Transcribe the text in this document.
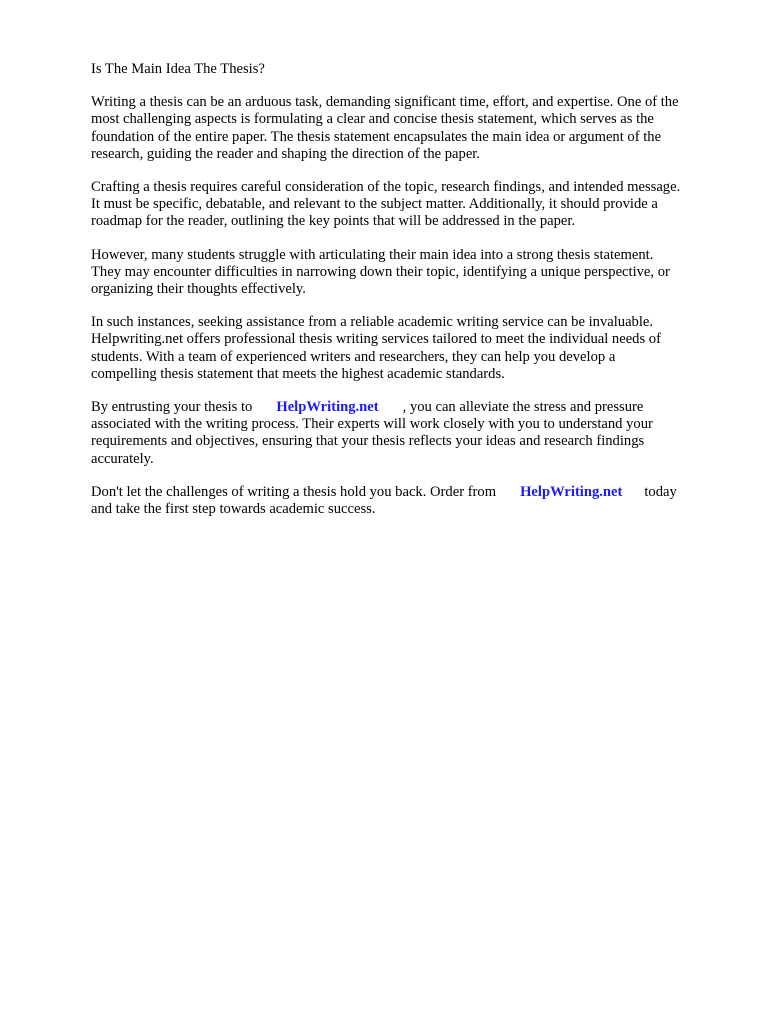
Is The Main Idea The Thesis?
Writing a thesis can be an arduous task, demanding significant time, effort, and expertise. One of the
most challenging aspects is formulating a clear and concise thesis statement, which serves as the
foundation of the entire paper. The thesis statement encapsulates the main idea or argument of the
research, guiding the reader and shaping the direction of the paper.
Crafting a thesis requires careful consideration of the topic, research findings, and intended message.
It must be specific, debatable, and relevant to the subject matter. Additionally, it should provide a
roadmap for the reader, outlining the key points that will be addressed in the paper.
However, many students struggle with articulating their main idea into a strong thesis statement.
They may encounter difficulties in narrowing down their topic, identifying a unique perspective, or
organizing their thoughts effectively.
In such instances, seeking assistance from a reliable academic writing service can be invaluable.
Helpwriting.net offers professional thesis writing services tailored to meet the individual needs of
students. With a team of experienced writers and researchers, they can help you develop a
compelling thesis statement that meets the highest academic standards.
By entrusting your thesis to HelpWriting.net , you can alleviate the stress and pressure
associated with the writing process. Their experts will work closely with you to understand your
requirements and objectives, ensuring that your thesis reflects your ideas and research findings
accurately.
Don't let the challenges of writing a thesis hold you back. Order from HelpWriting.net today
and take the first step towards academic success.
